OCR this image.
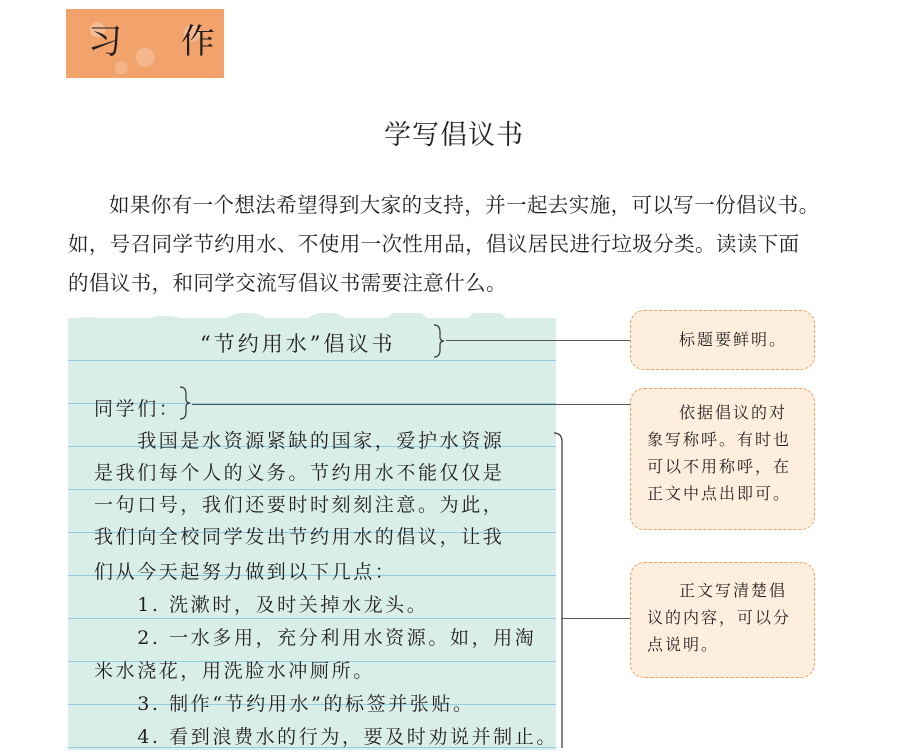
习 作
学写倡议书

如果你有一个想法希望得到大家的支持，并一起去实施，可以写一份倡议书。如，号召同学节约用水、不使用一次性用品，倡议居民进行垃圾分类。读读下面的倡议书，和同学交流写倡议书需要注意什么。

“节约用水”倡议书
同学们：
　　我国是水资源紧缺的国家，爱护水资源
是我们每个人的义务。节约用水不能仅仅是
一句口号，我们还要时时刻刻注意。为此，
我们向全校同学发出节约用水的倡议，让我
们从今天起努力做到以下几点：
　　1. 洗漱时，及时关掉水龙头。
　　2. 一水多用，充分利用水资源。如，用淘
米水浇花，用洗脸水冲厕所。
　　3. 制作“节约用水”的标签并张贴。
　　4. 看到浪费水的行为，要及时劝说并制止。
标题要鲜明。
依据倡议的对象写称呼。有时也可以不用称呼，在正文中点出即可。
正文写清楚倡议的内容，可以分点说明。
